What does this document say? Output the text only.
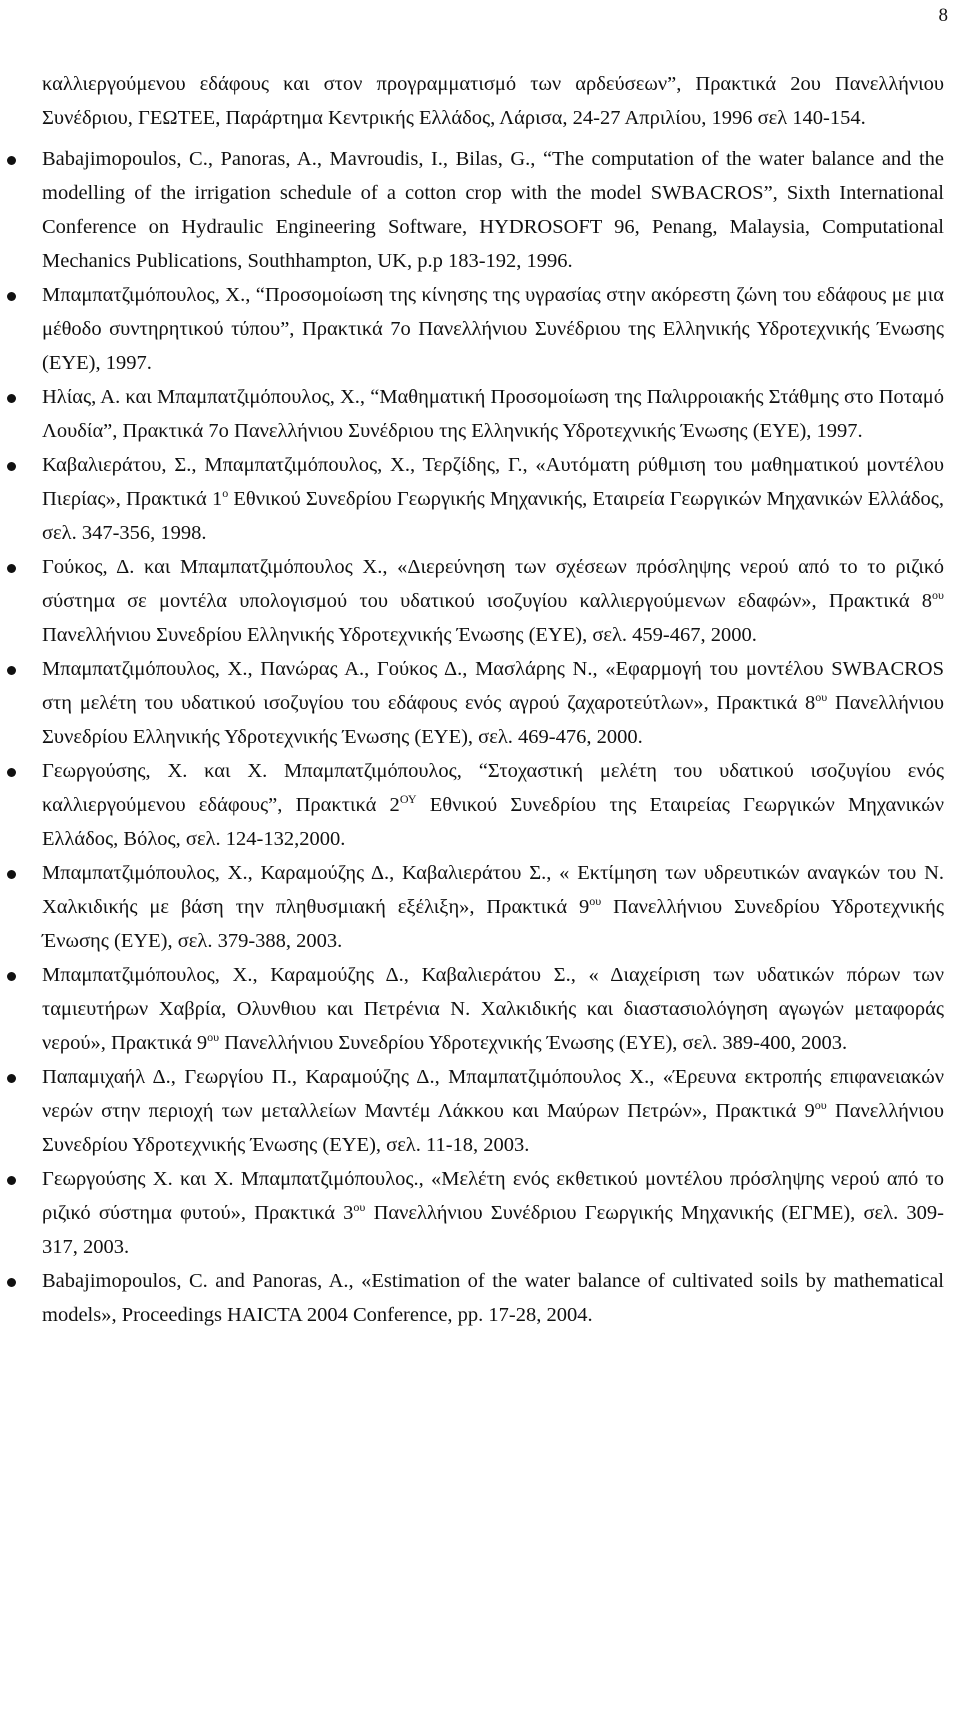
8
καλλιεργούμενου εδάφους και στον προγραμματισμό των αρδεύσεων”, Πρακτικά 2ου Πανελλήνιου Συνέδριου, ΓΕΩΤΕΕ, Παράρτημα Κεντρικής Ελλάδος, Λάρισα, 24-27 Απριλίου, 1996 σελ 140-154.
Babajimopoulos, C., Panoras, A., Mavroudis, I., Bilas, G., “The computation of the water balance and the modelling of the irrigation schedule of a cotton crop with the model SWBACROS”, Sixth International Conference on Hydraulic Engineering Software, HYDROSOFT 96, Penang, Malaysia, Computational Mechanics Publications, Southhampton, UK, p.p 183-192, 1996.
Μπαμπατζιμόπουλος, Χ., “Προσομοίωση της κίνησης της υγρασίας στην ακόρεστη ζώνη του εδάφους με μια μέθοδο συντηρητικού τύπου”, Πρακτικά 7ο Πανελλήνιου Συνέδριου της Ελληνικής Υδροτεχνικής Ένωσης (ΕΥΕ), 1997.
Ηλίας, Α. και Μπαμπατζιμόπουλος, Χ., “Μαθηματική Προσομοίωση της Παλιρροιακής Στάθμης στο Ποταμό Λουδία”, Πρακτικά 7ο Πανελλήνιου Συνέδριου της Ελληνικής Υδροτεχνικής Ένωσης (ΕΥΕ), 1997.
Καβαλιεράτου, Σ., Μπαμπατζιμόπουλος, Χ., Τερζίδης, Γ., «Αυτόματη ρύθμιση του μαθηματικού μοντέλου Πιερίας», Πρακτικά $1^o$ Εθνικού Συνεδρίου Γεωργικής Μηχανικής, Εταιρεία Γεωργικών Μηχανικών Ελλάδος, σελ. 347-356, 1998.
Γούκος, Δ. και Μπαμπατζιμόπουλος Χ., «Διερεύνηση των σχέσεων πρόσληψης νερού από το το ριζικό σύστημα σε μοντέλα υπολογισμού του υδατικού ισοζυγίου καλλιεργούμενων εδαφών», Πρακτικά $8^{o\upsilon}$ Πανελλήνιου Συνεδρίου Ελληνικής Υδροτεχνικής Ένωσης (ΕΥΕ), σελ. 459-467, 2000.
Μπαμπατζιμόπουλος, Χ., Πανώρας Α., Γούκος Δ., Μασλάρης Ν., «Εφαρμογή του μοντέλου SWBACROS στη μελέτη του υδατικού ισοζυγίου του εδάφους ενός αγρού ζαχαροτεύτλων», Πρακτικά $8^{o\upsilon}$ Πανελλήνιου Συνεδρίου Ελληνικής Υδροτεχνικής Ένωσης (ΕΥΕ), σελ. 469-476, 2000.
Γεωργούσης, Χ. και Χ. Μπαμπατζιμόπουλος, “Στοχαστική μελέτη του υδατικού ισοζυγίου ενός καλλιεργούμενου εδάφους”, Πρακτικά $2^{O\Upsilon}$ Εθνικού Συνεδρίου της Εταιρείας Γεωργικών Μηχανικών Ελλάδος, Βόλος, σελ. 124-132,2000.
Μπαμπατζιμόπουλος, Χ., Καραμούζης Δ., Καβαλιεράτου Σ., « Εκτίμηση των υδρευτικών αναγκών του Ν. Χαλκιδικής με βάση την πληθυσμιακή εξέλιξη», Πρακτικά $9^{o\upsilon}$ Πανελλήνιου Συνεδρίου Υδροτεχνικής Ένωσης (ΕΥΕ), σελ. 379-388, 2003.
Μπαμπατζιμόπουλος, Χ., Καραμούζης Δ., Καβαλιεράτου Σ., « Διαχείριση των υδατικών πόρων των ταμιευτήρων Χαβρία, Ολυνθιου και Πετρένια Ν. Χαλκιδικής και διαστασιολόγηση αγωγών μεταφοράς νερού», Πρακτικά $9^{o\upsilon}$ Πανελλήνιου Συνεδρίου Υδροτεχνικής Ένωσης (ΕΥΕ), σελ. 389-400, 2003.
Παπαμιχαήλ Δ., Γεωργίου Π., Καραμούζης Δ., Μπαμπατζιμόπουλος Χ., «Έρευνα εκτροπής επιφανειακών νερών στην περιοχή των μεταλλείων Μαντέμ Λάκκου και Μαύρων Πετρών», Πρακτικά $9^{o\upsilon}$ Πανελλήνιου Συνεδρίου Υδροτεχνικής Ένωσης (ΕΥΕ), σελ. 11-18, 2003.
Γεωργούσης Χ. και Χ. Μπαμπατζιμόπουλος., «Μελέτη ενός εκθετικού μοντέλου πρόσληψης νερού από το ριζικό σύστημα φυτού», Πρακτικά $3^{o\upsilon}$ Πανελλήνιου Συνέδριου Γεωργικής Μηχανικής (ΕΓΜΕ), σελ. 309-317, 2003.
Babajimopoulos, C. and Panoras, A., «Estimation of the water balance of cultivated soils by mathematical models», Proceedings HAICTA 2004 Conference, pp. 17-28, 2004.
